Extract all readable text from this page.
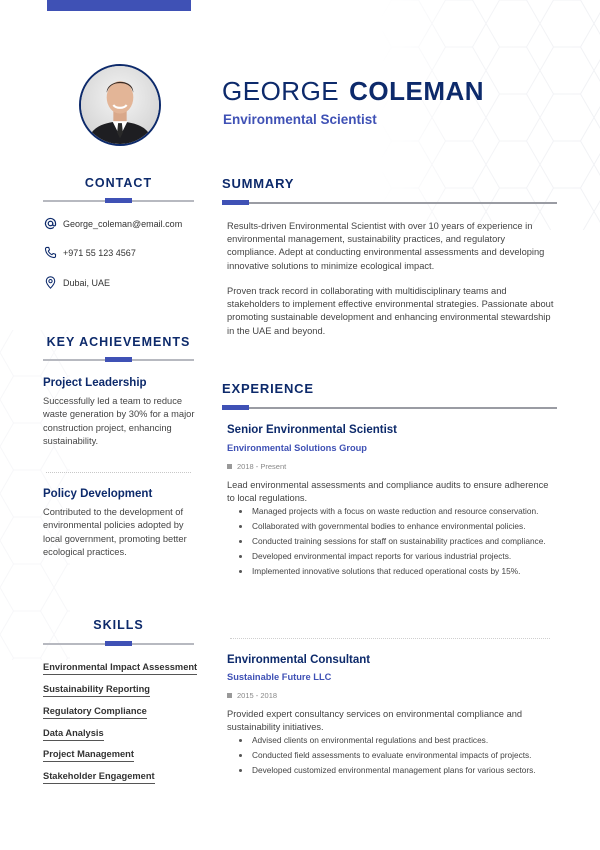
GEORGE COLEMAN
Environmental Scientist
CONTACT
George_coleman@email.com
+971 55 123 4567
Dubai, UAE
KEY ACHIEVEMENTS
Project Leadership
Successfully led a team to reduce waste generation by 30% for a major construction project, enhancing sustainability.
Policy Development
Contributed to the development of environmental policies adopted by local government, promoting better ecological practices.
SKILLS
Environmental Impact Assessment
Sustainability Reporting
Regulatory Compliance
Data Analysis
Project Management
Stakeholder Engagement
SUMMARY
Results-driven Environmental Scientist with over 10 years of experience in environmental management, sustainability practices, and regulatory compliance. Adept at conducting environmental assessments and developing innovative solutions to minimize ecological impact.
Proven track record in collaborating with multidisciplinary teams and stakeholders to implement effective environmental strategies. Passionate about promoting sustainable development and enhancing environmental stewardship in the UAE and beyond.
EXPERIENCE
Senior Environmental Scientist
Environmental Solutions Group
2018 - Present
Lead environmental assessments and compliance audits to ensure adherence to local regulations.
Managed projects with a focus on waste reduction and resource conservation.
Collaborated with governmental bodies to enhance environmental policies.
Conducted training sessions for staff on sustainability practices and compliance.
Developed environmental impact reports for various industrial projects.
Implemented innovative solutions that reduced operational costs by 15%.
Environmental Consultant
Sustainable Future LLC
2015 - 2018
Provided expert consultancy services on environmental compliance and sustainability initiatives.
Advised clients on environmental regulations and best practices.
Conducted field assessments to evaluate environmental impacts of projects.
Developed customized environmental management plans for various sectors.
